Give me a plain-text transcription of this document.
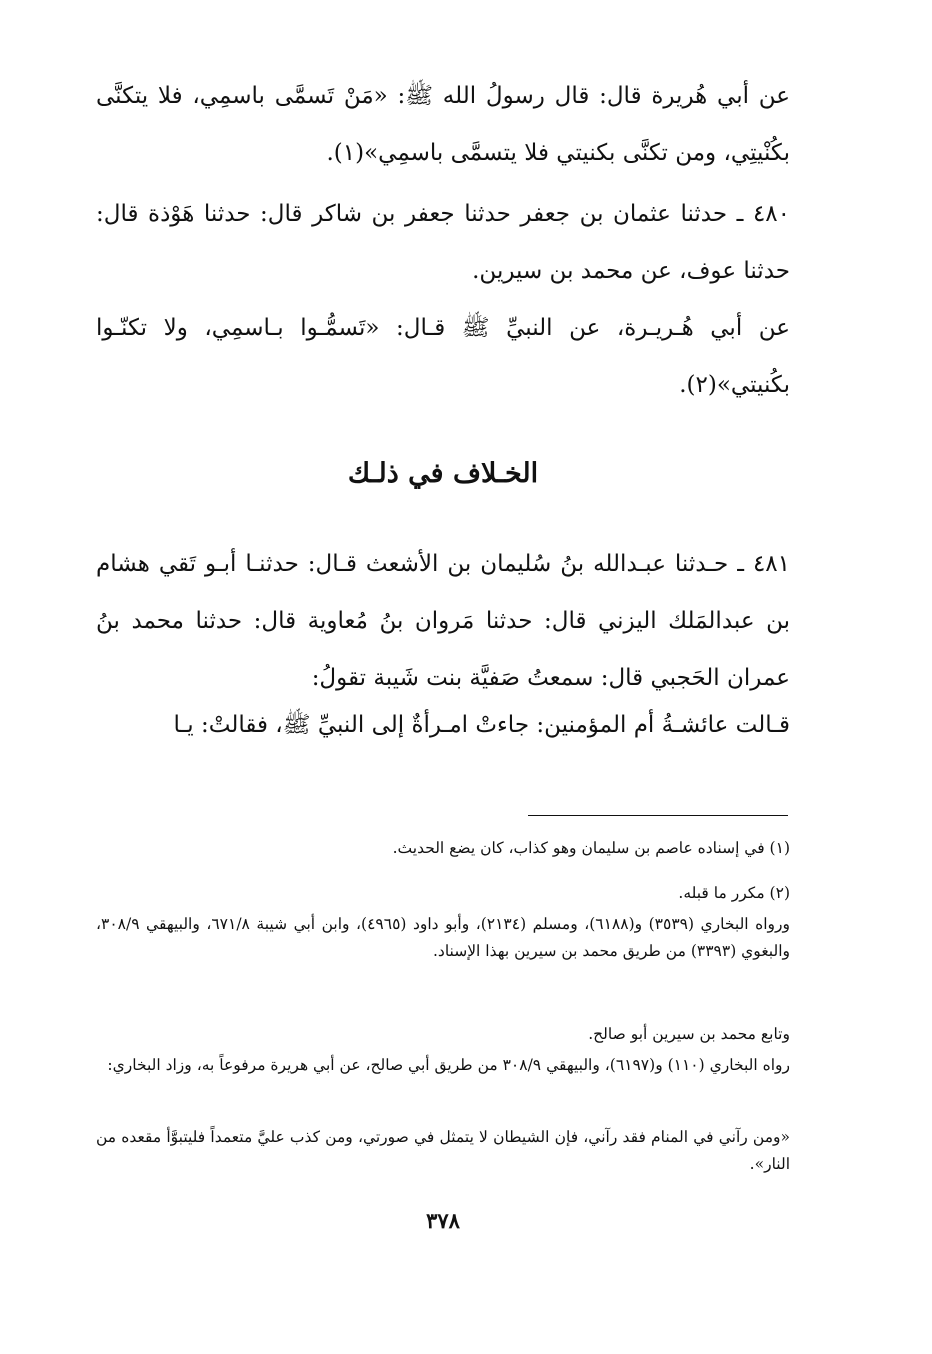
عن أبي هُريرة قال: قال رسولُ الله ﷺ: «مَنْ تَسمَّى باسمِي، فلا يتكنَّى بكُنْيتِي، ومن تكنَّى بكنيتي فلا يتسمَّى باسمِي»(١).

٤٨٠ ـ حدثنا عثمان بن جعفر حدثنا جعفر بن شاكر قال: حدثنا هَوْذة قال: حدثنا عوف، عن محمد بن سيرين.

عن أبي هُـريـرة، عن النبيِّ ﷺ قـال: «تَسمُّـوا بـاسمِي، ولا تكنّـوا بكُنيتي»(٢).

الخـلاف في ذلـك

٤٨١ ـ حـدثنا عبـدالله بنُ سُليمان بن الأشعث قـال: حدثنـا أبـو تَقي هشام بن عبدالمَلك اليزني قال: حدثنا مَروان بنُ مُعاوية قال: حدثنا محمد بنُ عمران الحَجبي قال: سمعتُ صَفيَّة بنت شَيبة تقولُ:

قـالت عائشـةُ أم المؤمنين: جاءتْ امـرأةٌ إلى النبيِّ ﷺ، فقالتْ: يـا

(١) في إسناده عاصم بن سليمان وهو كذاب، كان يضع الحديث.

(٢) مكرر ما قبله.

ورواه البخاري (٣٥٣٩) و(٦١٨٨)، ومسلم (٢١٣٤)، وأبو داود (٤٩٦٥)، وابن أبي شيبة ٦٧١/٨، والبيهقي ٣٠٨/٩، والبغوي (٣٣٩٣) من طريق محمد بن سيرين بهذا الإسناد.

وتابع محمد بن سيرين أبو صالح.

رواه البخاري (١١٠) و(٦١٩٧)، والبيهقي ٣٠٨/٩ من طريق أبي صالح، عن أبي هريرة مرفوعاً به، وزاد البخاري:

«ومن رآني في المنام فقد رآني، فإن الشيطان لا يتمثل في صورتي، ومن كذب عليَّ متعمداً فليتبوَّأ مقعده من النار».

٣٧٨
